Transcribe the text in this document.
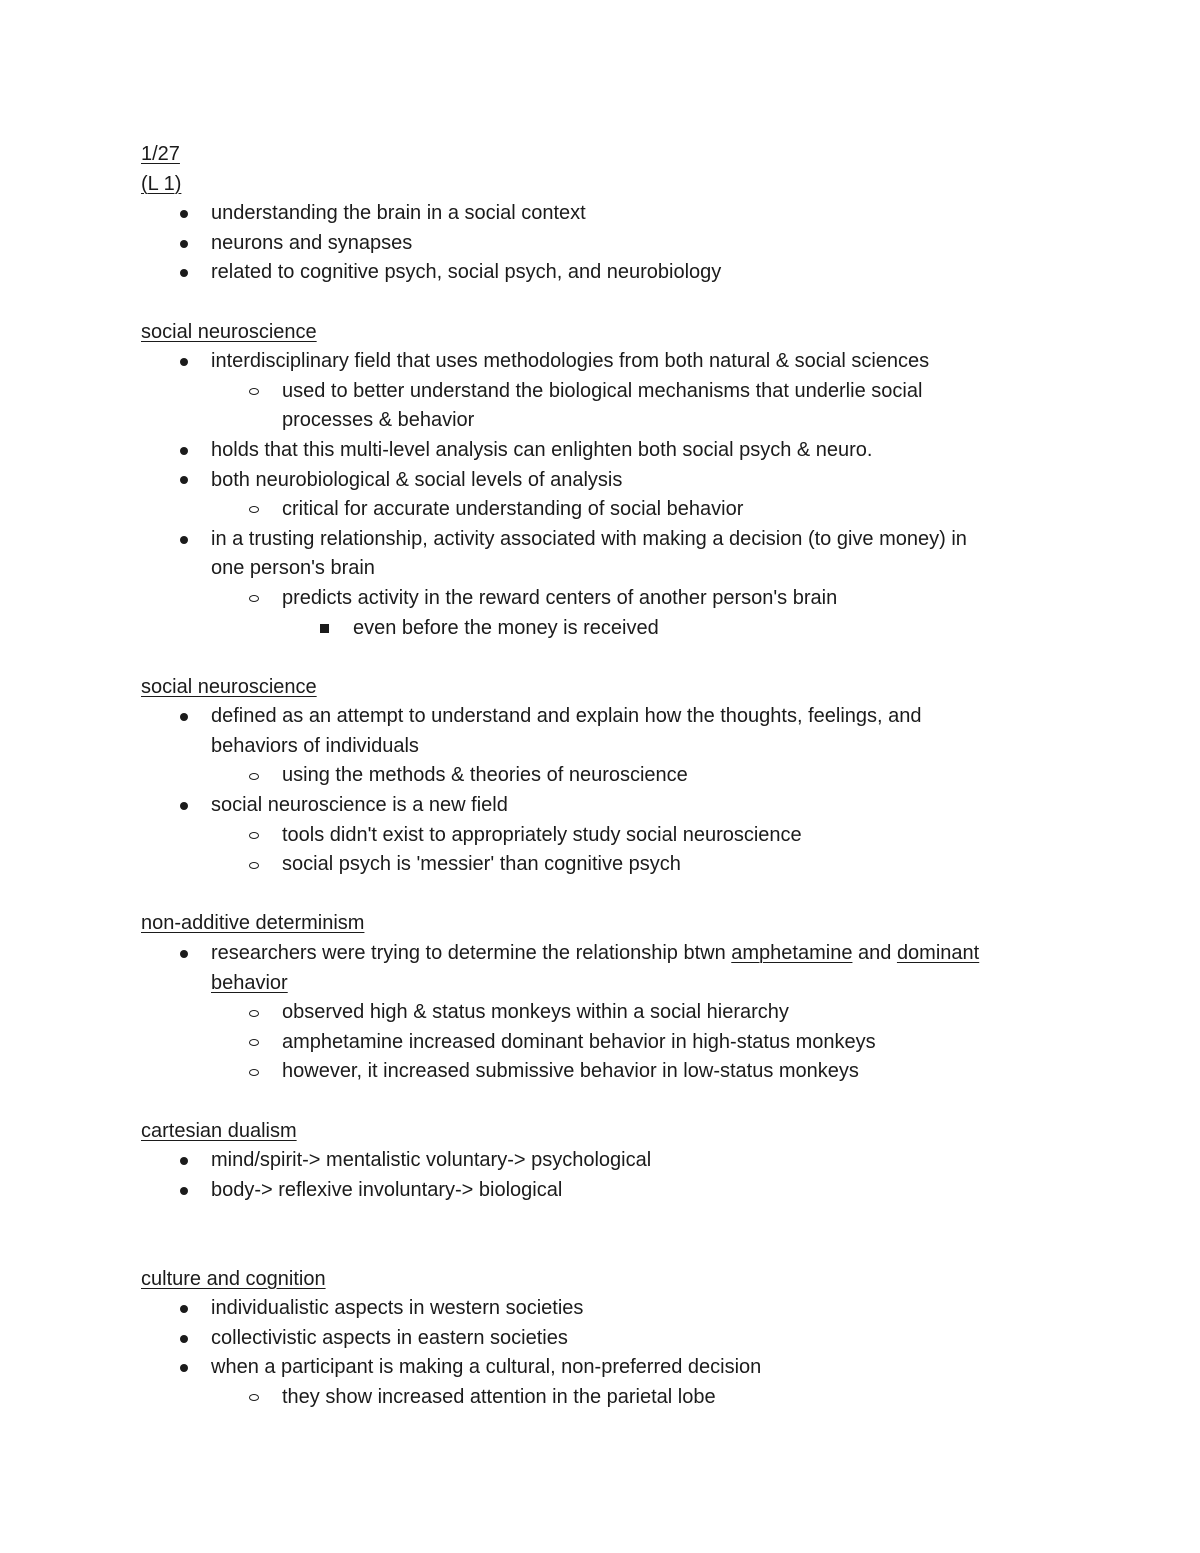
1/27

(L 1)

understanding the brain in a social context

neurons and synapses

related to cognitive psych, social psych, and neurobiology

social neuroscience

interdisciplinary field that uses methodologies from both natural & social sciences

used to better understand the biological mechanisms that underlie social

processes & behavior

holds that this multi-level analysis can enlighten both social psych & neuro.

both neurobiological & social levels of analysis

critical for accurate understanding of social behavior

in a trusting relationship, activity associated with making a decision (to give money) in

one person's brain

predicts activity in the reward centers of another person's brain

even before the money is received

social neuroscience

defined as an attempt to understand and explain how the thoughts, feelings, and

behaviors of individuals

using the methods & theories of neuroscience

social neuroscience is a new field

tools didn't exist to appropriately study social neuroscience

social psych is 'messier' than cognitive psych

non-additive determinism

researchers were trying to determine the relationship btwn amphetamine and dominant

behavior

observed high & status monkeys within a social hierarchy

amphetamine increased dominant behavior in high-status monkeys

however, it increased submissive behavior in low-status monkeys

cartesian dualism

mind/spirit-> mentalistic voluntary-> psychological

body-> reflexive involuntary-> biological

culture and cognition

individualistic aspects in western societies

collectivistic aspects in eastern societies

when a participant is making a cultural, non-preferred decision

they show increased attention in the parietal lobe
